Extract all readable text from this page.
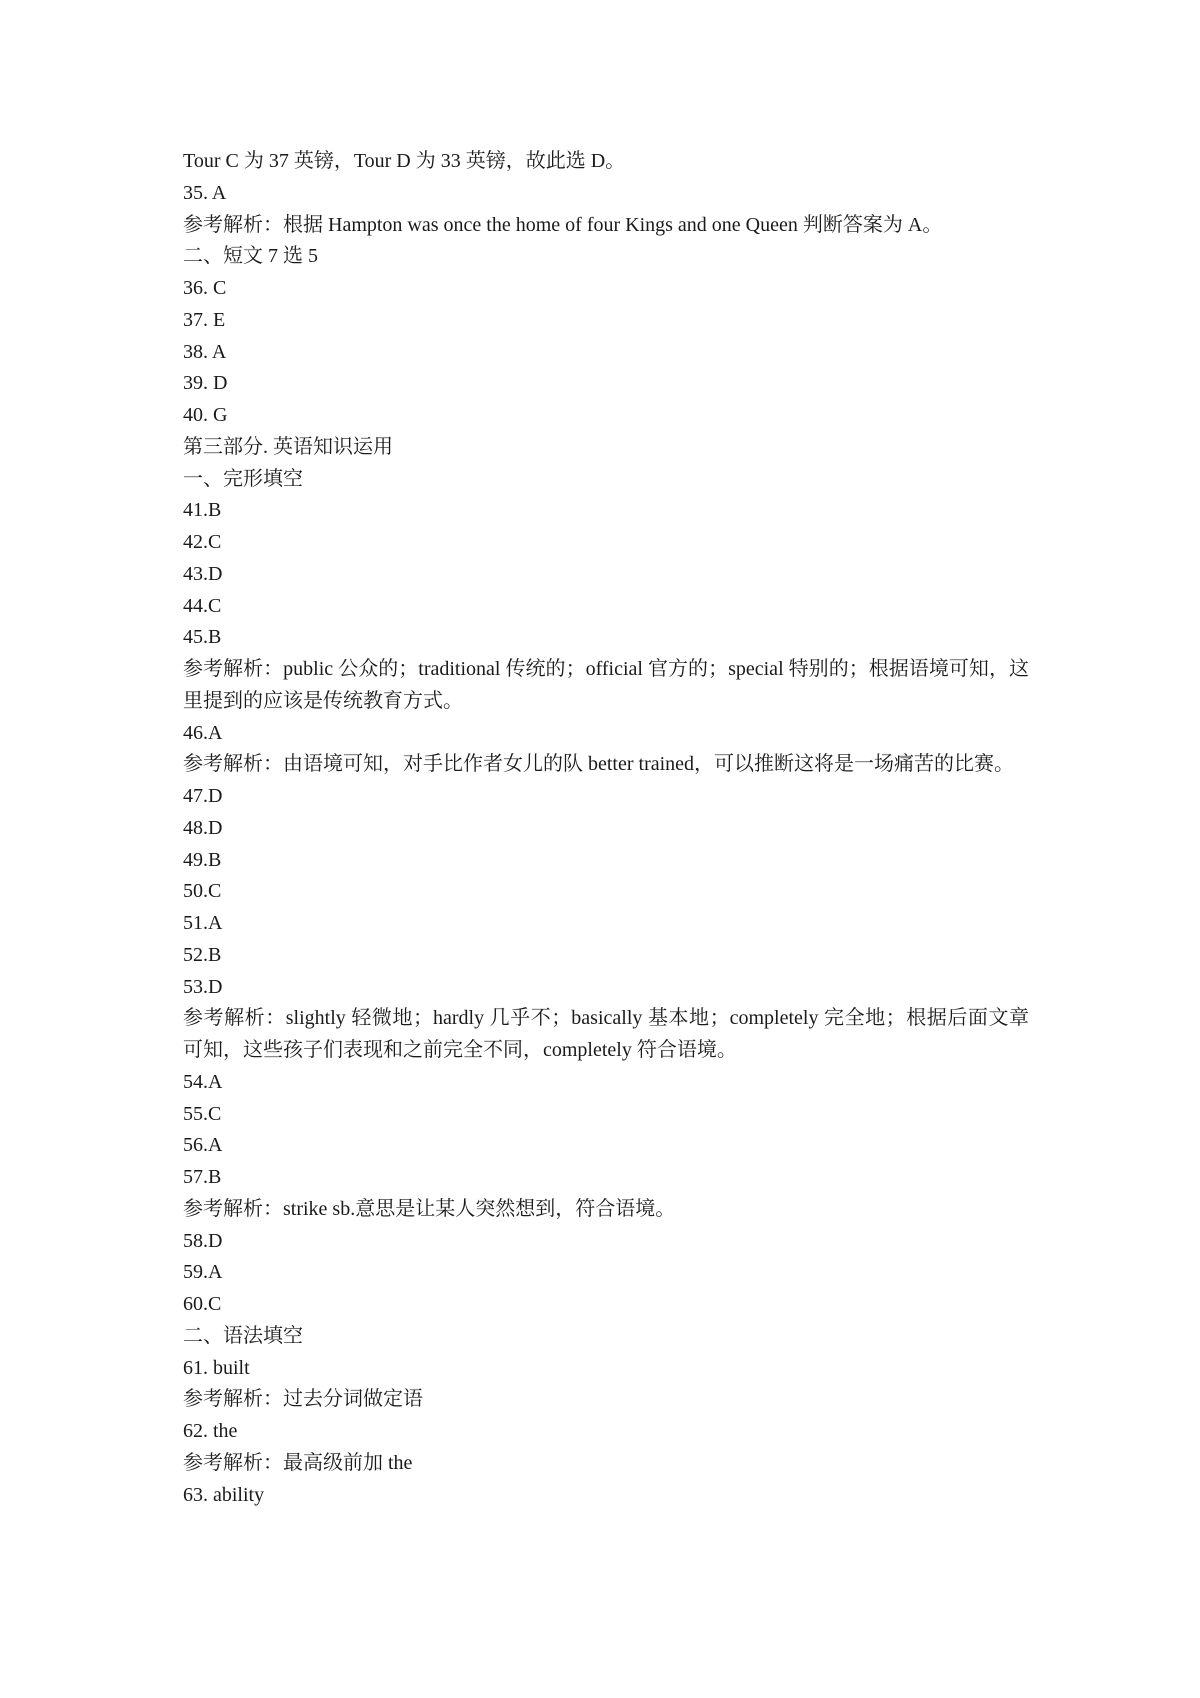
Tour C 为 37 英镑，Tour D 为 33 英镑，故此选 D。

35. A

参考解析：根据 Hampton was once the home of four Kings and one Queen 判断答案为 A。

二、短文 7 选 5

36. C

37. E

38. A

39. D

40. G

第三部分. 英语知识运用

一、完形填空

41.B

42.C

43.D

44.C

45.B

参考解析：public 公众的；traditional 传统的；official 官方的；special 特别的；根据语境可知，这里提到的应该是传统教育方式。

46.A

参考解析：由语境可知，对手比作者女儿的队 better trained，可以推断这将是一场痛苦的比赛。

47.D

48.D

49.B

50.C

51.A

52.B

53.D

参考解析：slightly 轻微地；hardly 几乎不；basically 基本地；completely 完全地；根据后面文章可知，这些孩子们表现和之前完全不同，completely 符合语境。

54.A

55.C

56.A

57.B

参考解析：strike sb.意思是让某人突然想到，符合语境。

58.D

59.A

60.C

二、语法填空

61. built

参考解析：过去分词做定语

62. the

参考解析：最高级前加 the

63. ability
